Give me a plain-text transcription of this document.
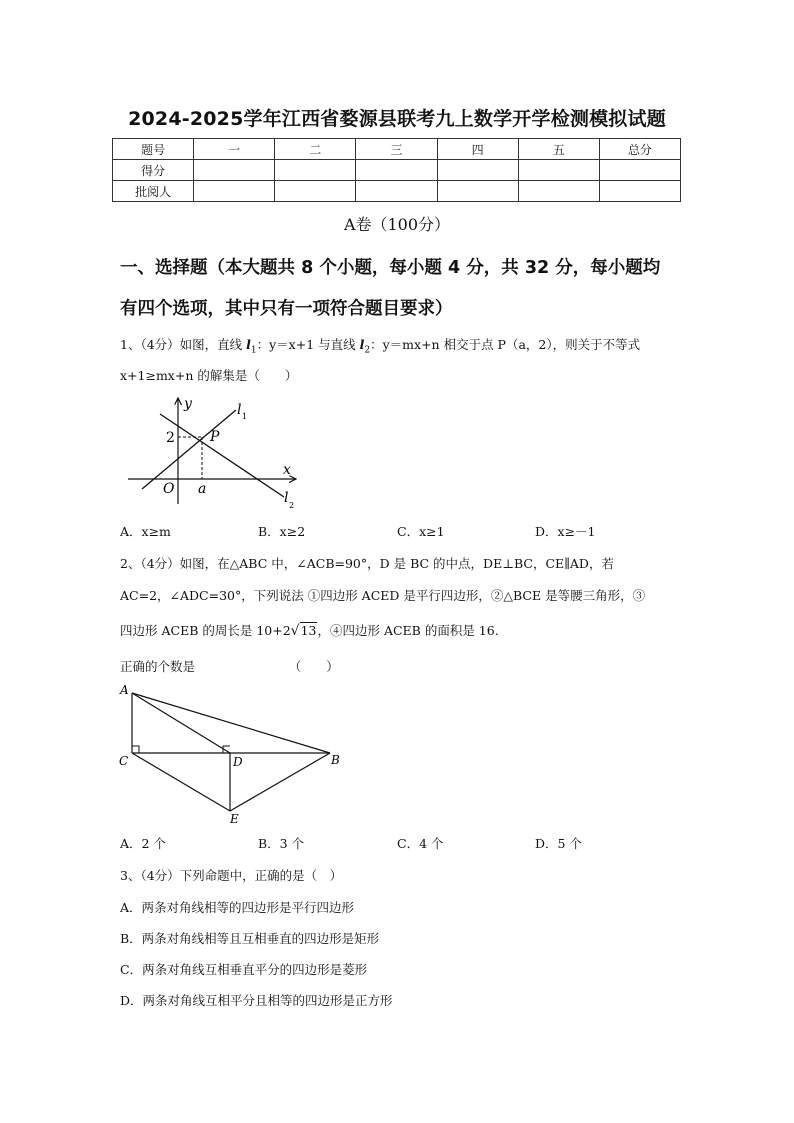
2024-2025学年江西省婺源县联考九上数学开学检测模拟试题
题号	一	二	三	四	五	总分
得分						
批阅人						
A卷（100分）
一、选择题（本大题共 8 个小题，每小题 4 分，共 32 分，每小题均
有四个选项，其中只有一项符合题目要求）
1、（4分）如图，直线 $l_1$：y＝x+1 与直线 $l_2$：y＝mx+n 相交于点 P（a，2），则关于不等式
x+1≥mx+n 的解集是（　　）
y
x
O a
P
2
l 1
l 2
A．x≥m	B．x≥2	C．x≥1	D．x≥－1
2、（4分）如图，在△ABC 中，∠ACB=90°，D 是 BC 的中点，DE⊥BC，CE∥AD，若
AC=2，∠ADC=30°，下列说法 ①四边形 ACED 是平行四边形，②△BCE 是等腰三角形，③
四边形 ACEB 的周长是 10+2√13，④四边形 ACEB 的面积是 16.
正确的个数是　　　　　　　　（　　）
A
C	D	B
E
A．2 个	B．3 个	C．4 个	D．5 个
3、（4分）下列命题中，正确的是（　）
A．两条对角线相等的四边形是平行四边形
B．两条对角线相等且互相垂直的四边形是矩形
C．两条对角线互相垂直平分的四边形是菱形
D．两条对角线互相平分且相等的四边形是正方形
